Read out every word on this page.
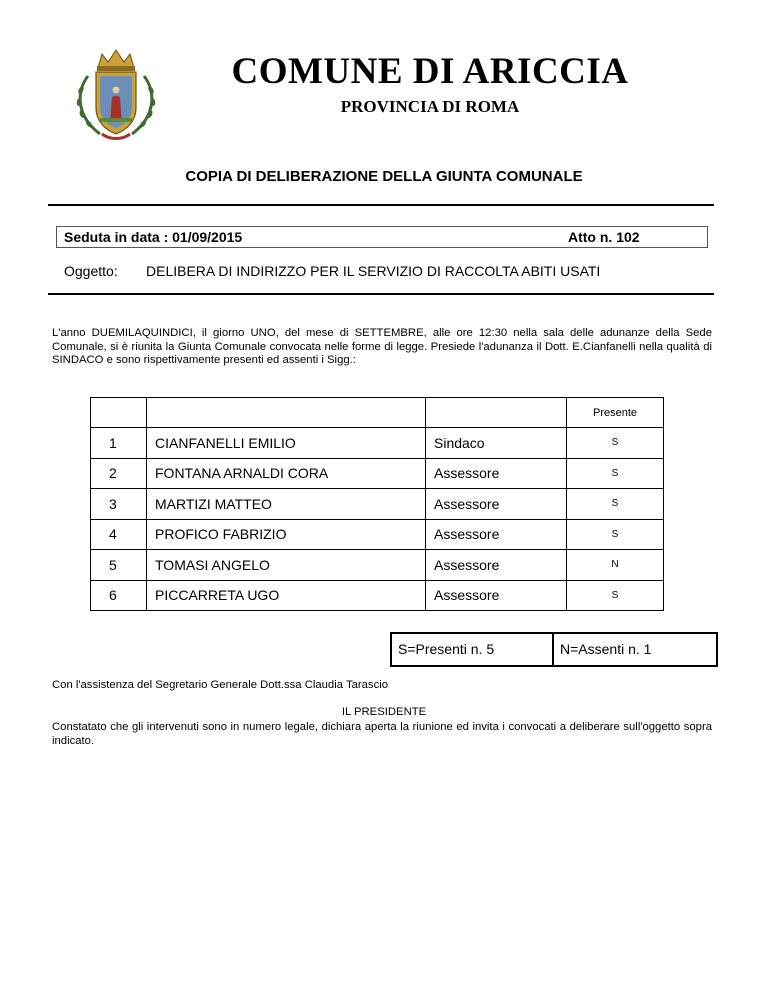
COMUNE DI ARICCIA
PROVINCIA DI ROMA
COPIA DI DELIBERAZIONE DELLA GIUNTA COMUNALE
Seduta in data : 01/09/2015	Atto n. 102
Oggetto: DELIBERA DI INDIRIZZO PER IL SERVIZIO DI RACCOLTA ABITI USATI
L'anno DUEMILAQUINDICI, il giorno UNO, del mese di SETTEMBRE, alle ore 12:30 nella sala delle adunanze della Sede Comunale, si è riunita la Giunta Comunale convocata nelle forme di legge. Presiede l'adunanza il Dott. E.Cianfanelli nella qualità di SINDACO e sono rispettivamente presenti ed assenti i Sigg.:
			Presente
1	CIANFANELLI EMILIO	Sindaco	S
2	FONTANA ARNALDI CORA	Assessore	S
3	MARTIZI MATTEO	Assessore	S
4	PROFICO FABRIZIO	Assessore	S
5	TOMASI ANGELO	Assessore	N
6	PICCARRETA UGO	Assessore	S
S=Presenti n. 5	N=Assenti n. 1
Con l'assistenza del Segretario Generale Dott.ssa Claudia Tarascio
IL PRESIDENTE
Constatato che gli intervenuti sono in numero legale, dichiara aperta la riunione ed invita i convocati a deliberare sull'oggetto sopra indicato.
